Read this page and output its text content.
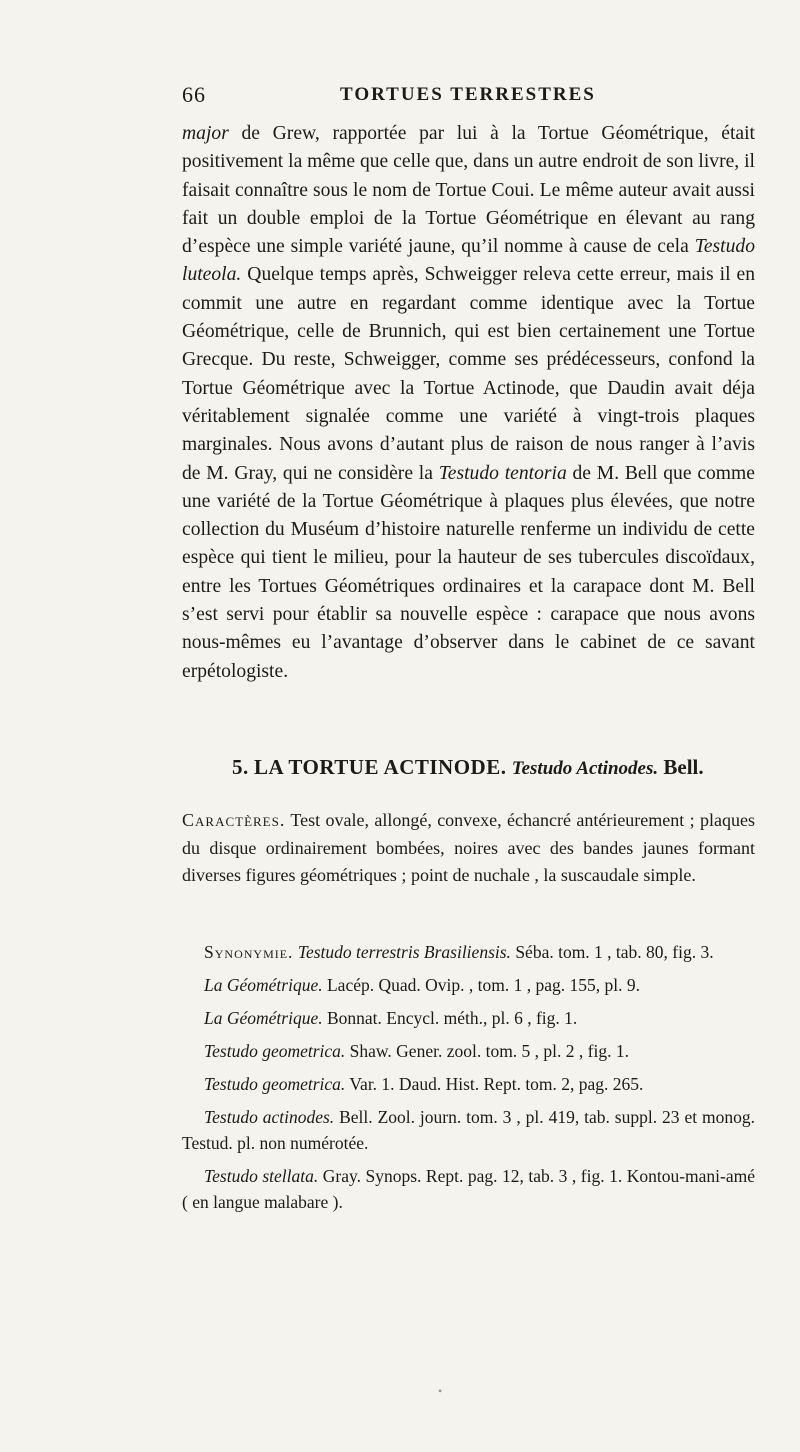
66	TORTUES TERRESTRES

major de Grew, rapportée par lui à la Tortue Géométrique, était positivement la même que celle que, dans un autre endroit de son livre, il faisait connaître sous le nom de Tortue Coui. Le même auteur avait aussi fait un double emploi de la Tortue Géométrique en élevant au rang d’espèce une simple variété jaune, qu’il nomme à cause de cela Testudo luteola. Quelque temps après, Schweigger releva cette erreur, mais il en commit une autre en regardant comme identique avec la Tortue Géométrique, celle de Brunnich, qui est bien certainement une Tortue Grecque. Du reste, Schweigger, comme ses prédécesseurs, confond la Tortue Géométrique avec la Tortue Actinode, que Daudin avait déja véritablement signalée comme une variété à vingt-trois plaques marginales. Nous avons d’autant plus de raison de nous ranger à l’avis de M. Gray, qui ne considère la Testudo tentoria de M. Bell que comme une variété de la Tortue Géométrique à plaques plus élevées, que notre collection du Muséum d’histoire naturelle renferme un individu de cette espèce qui tient le milieu, pour la hauteur de ses tubercules discoïdaux, entre les Tortues Géométriques ordinaires et la carapace dont M. Bell s’est servi pour établir sa nouvelle espèce : carapace que nous avons nous-mêmes eu l’avantage d’observer dans le cabinet de ce savant erpétologiste.

5. LA TORTUE ACTINODE. Testudo Actinodes. Bell.

Caractères. Test ovale, allongé, convexe, échancré antérieurement ; plaques du disque ordinairement bombées, noires avec des bandes jaunes formant diverses figures géométriques ; point de nuchale , la suscaudale simple.

Synonymie. Testudo terrestris Brasiliensis. Séba. tom. 1 , tab. 80, fig. 3.

La Géométrique. Lacép. Quad. Ovip. , tom. 1 , pag. 155, pl. 9.

La Géométrique. Bonnat. Encycl. méth., pl. 6 , fig. 1.

Testudo geometrica. Shaw. Gener. zool. tom. 5 , pl. 2 , fig. 1.

Testudo geometrica. Var. 1. Daud. Hist. Rept. tom. 2, pag. 265.

Testudo actinodes. Bell. Zool. journ. tom. 3 , pl. 419, tab. suppl. 23 et monog. Testud. pl. non numérotée.

Testudo stellata. Gray. Synops. Rept. pag. 12, tab. 3 , fig. 1. Kontou-mani-amé ( en langue malabare ).

•
